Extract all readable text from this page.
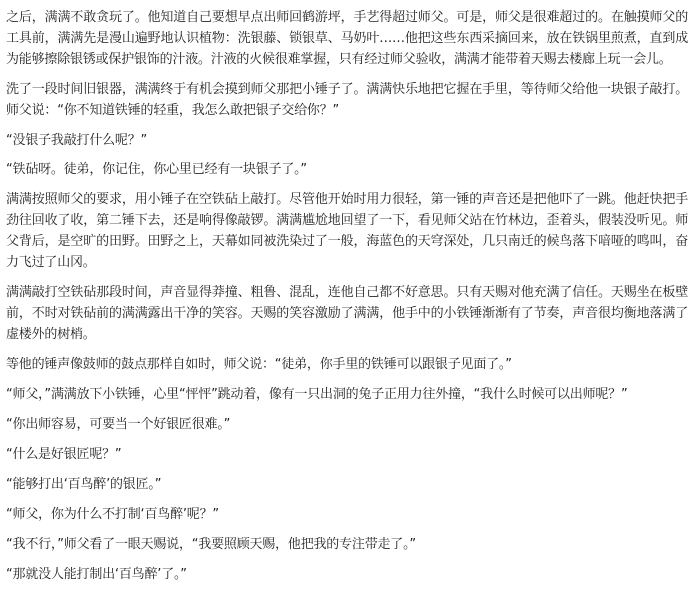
之后，满满不敢贪玩了。他知道自己要想早点出师回鹤游坪，手艺得超过师父。可是，师父是很难超过的。在触摸师父的工具前，满满先是漫山遍野地认识植物：洗银藤、锁银草、马奶叶……他把这些东西采摘回来，放在铁锅里煎煮，直到成为能够擦除银锈或保护银饰的汁液。汁液的火候很难掌握，只有经过师父验收，满满才能带着天赐去楼廊上玩一会儿。

洗了一段时间旧银器，满满终于有机会摸到师父那把小锤子了。满满快乐地把它握在手里，等待师父给他一块银子敲打。师父说：“你不知道铁锤的轻重，我怎么敢把银子交给你？”

“没银子我敲打什么呢？”

“铁砧呀。徒弟，你记住，你心里已经有一块银子了。”

满满按照师父的要求，用小锤子在空铁砧上敲打。尽管他开始时用力很轻，第一锤的声音还是把他吓了一跳。他赶快把手劲往回收了收，第二锤下去，还是响得像敲锣。满满尴尬地回望了一下，看见师父站在竹林边，歪着头，假装没听见。师父背后，是空旷的田野。田野之上，天幕如同被洗染过了一般，海蓝色的天穹深处，几只南迁的候鸟落下喑哑的鸣叫，奋力飞过了山冈。

满满敲打空铁砧那段时间，声音显得莽撞、粗鲁、混乱，连他自己都不好意思。只有天赐对他充满了信任。天赐坐在板壁前，不时对铁砧前的满满露出干净的笑容。天赐的笑容激励了满满，他手中的小铁锤渐渐有了节奏，声音很均衡地落满了虚楼外的树梢。

等他的锤声像鼓师的鼓点那样自如时，师父说：“徒弟，你手里的铁锤可以跟银子见面了。”

“师父，”满满放下小铁锤，心里“怦怦”跳动着，像有一只出洞的兔子正用力往外撞，“我什么时候可以出师呢？”

“你出师容易，可要当一个好银匠很难。”

“什么是好银匠呢？”

“能够打出‘百鸟醉’的银匠。”

“师父，你为什么不打制‘百鸟醉’呢？”

“我不行，”师父看了一眼天赐说，“我要照顾天赐，他把我的专注带走了。”

“那就没人能打制出‘百鸟醉’了。”
